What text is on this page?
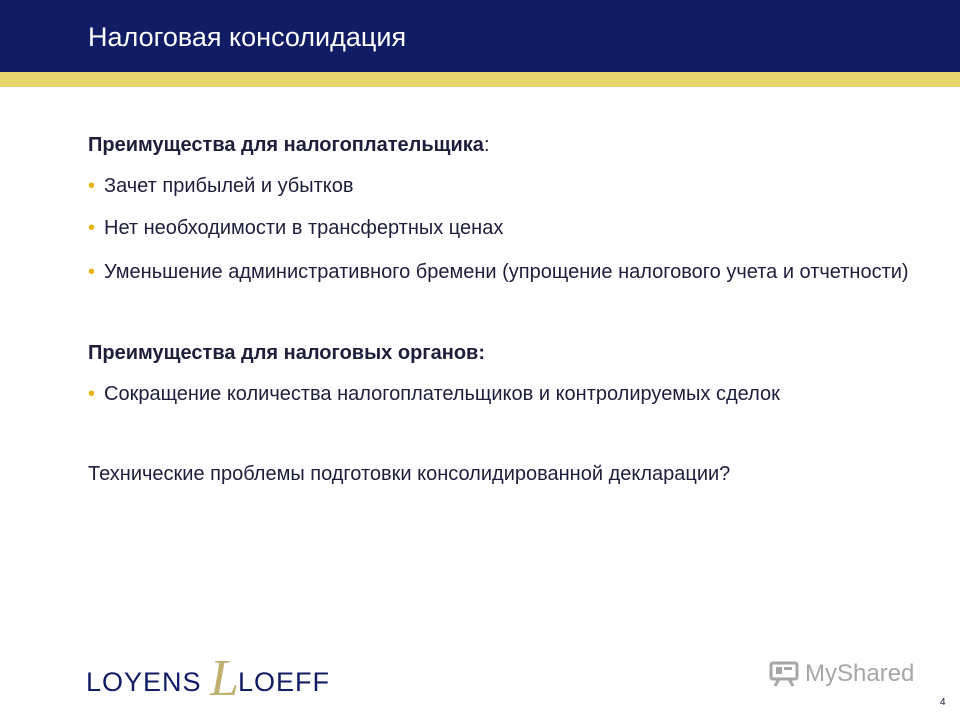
Налоговая консолидация
Преимущества для налогоплательщика:
• Зачет прибылей и убытков
• Нет необходимости в трансфертных ценах
• Уменьшение административного бремени (упрощение налогового учета и отчетности)
Преимущества для налоговых органов:
• Сокращение количества налогоплательщиков и контролируемых сделок
Технические проблемы подготовки консолидированной декларации?
LOYENS L LOEFF	MyShared
4
